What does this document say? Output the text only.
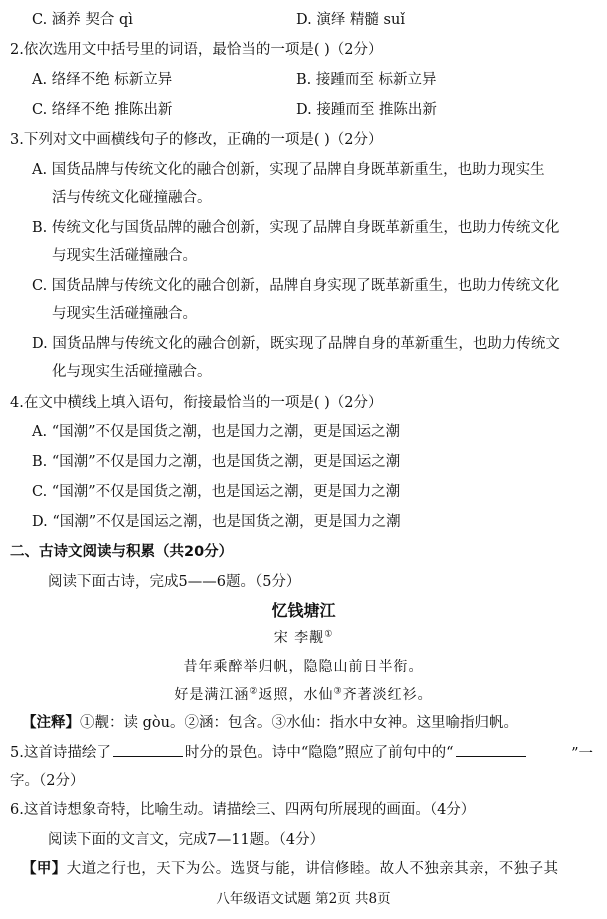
C. 涵养 契合 qì	D. 演绎 精髓 suǐ
2.依次选用文中括号里的词语，最恰当的一项是( )（2分）
A. 络绎不绝 标新立异	B. 接踵而至 标新立异
C. 络绎不绝 推陈出新	D. 接踵而至 推陈出新
3.下列对文中画横线句子的修改，正确的一项是( )（2分）
A. 国货品牌与传统文化的融合创新，实现了品牌自身既革新重生，也助力现实生
活与传统文化碰撞融合。
B. 传统文化与国货品牌的融合创新，实现了品牌自身既革新重生，也助力传统文化
与现实生活碰撞融合。
C. 国货品牌与传统文化的融合创新，品牌自身实现了既革新重生，也助力传统文化
与现实生活碰撞融合。
D. 国货品牌与传统文化的融合创新，既实现了品牌自身的革新重生，也助力传统文
化与现实生活碰撞融合。
4.在文中横线上填入语句，衔接最恰当的一项是( )（2分）
A. “国潮”不仅是国货之潮，也是国力之潮，更是国运之潮
B. “国潮”不仅是国力之潮，也是国货之潮，更是国运之潮
C. “国潮”不仅是国货之潮，也是国运之潮，更是国力之潮
D. “国潮”不仅是国运之潮，也是国货之潮，更是国力之潮
二、古诗文阅读与积累（共20分）
阅读下面古诗，完成5——6题。（5分）
忆钱塘江
宋 李觏①
昔年乘醉举归帆，隐隐山前日半衔。
好是满江涵②返照，水仙③齐著淡红衫。
【注释】①觏：读 gòu。②涵：包含。③水仙：指水中女神。这里喻指归帆。
5.这首诗描绘了	时分的景色。诗中“隐隐”照应了前句中的“	”一
字。（2分）
6.这首诗想象奇特，比喻生动。请描绘三、四两句所展现的画面。（4分）
阅读下面的文言文，完成7—11题。（4分）
【甲】大道之行也，天下为公。选贤与能，讲信修睦。故人不独亲其亲，不独子其
八年级语文试题 第2页 共8页
